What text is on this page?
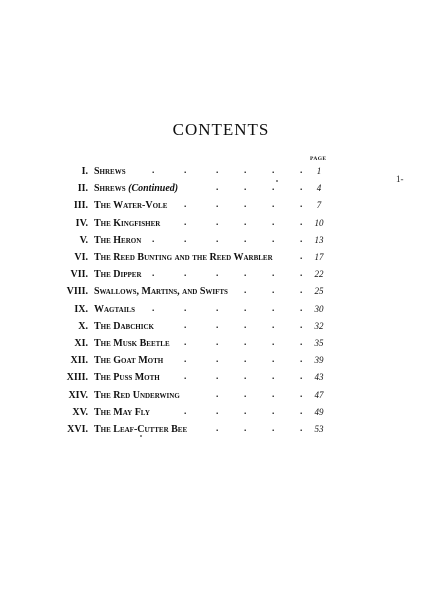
CONTENTS
PAGE
I. Shrews	.	.	.	.	.	.	1
II. Shrews (Continued)	.	.	.	.	4
III. The Water-Vole .	.	.	.	.	7
IV. The Kingfisher .	.	.	.	.	10
V. The Heron .	.	.	.	.	.	13
VI. The Reed Bunting and the Reed Warbler	.	17
VII. The Dipper .	.	.	.	.	.	22
VIII. Swallows, Martins, and Swifts .	.	.	25
IX. Wagtails .	.	.	.	.	.	30
X. The Dabchick	.	.	.	.	.	32
XI. The Musk Beetle .	.	.	.	.	35
XII. The Goat Moth .	.	.	.	.	39
XIII. The Puss Moth	.	.	.	.	.	43
XIV. The Red Underwing	.	.	.	.	47
XV. The May Fly	.	.	.	.	.	49
XVI. The Leaf-Cutter Bee	.	.	.	.	53
1-
